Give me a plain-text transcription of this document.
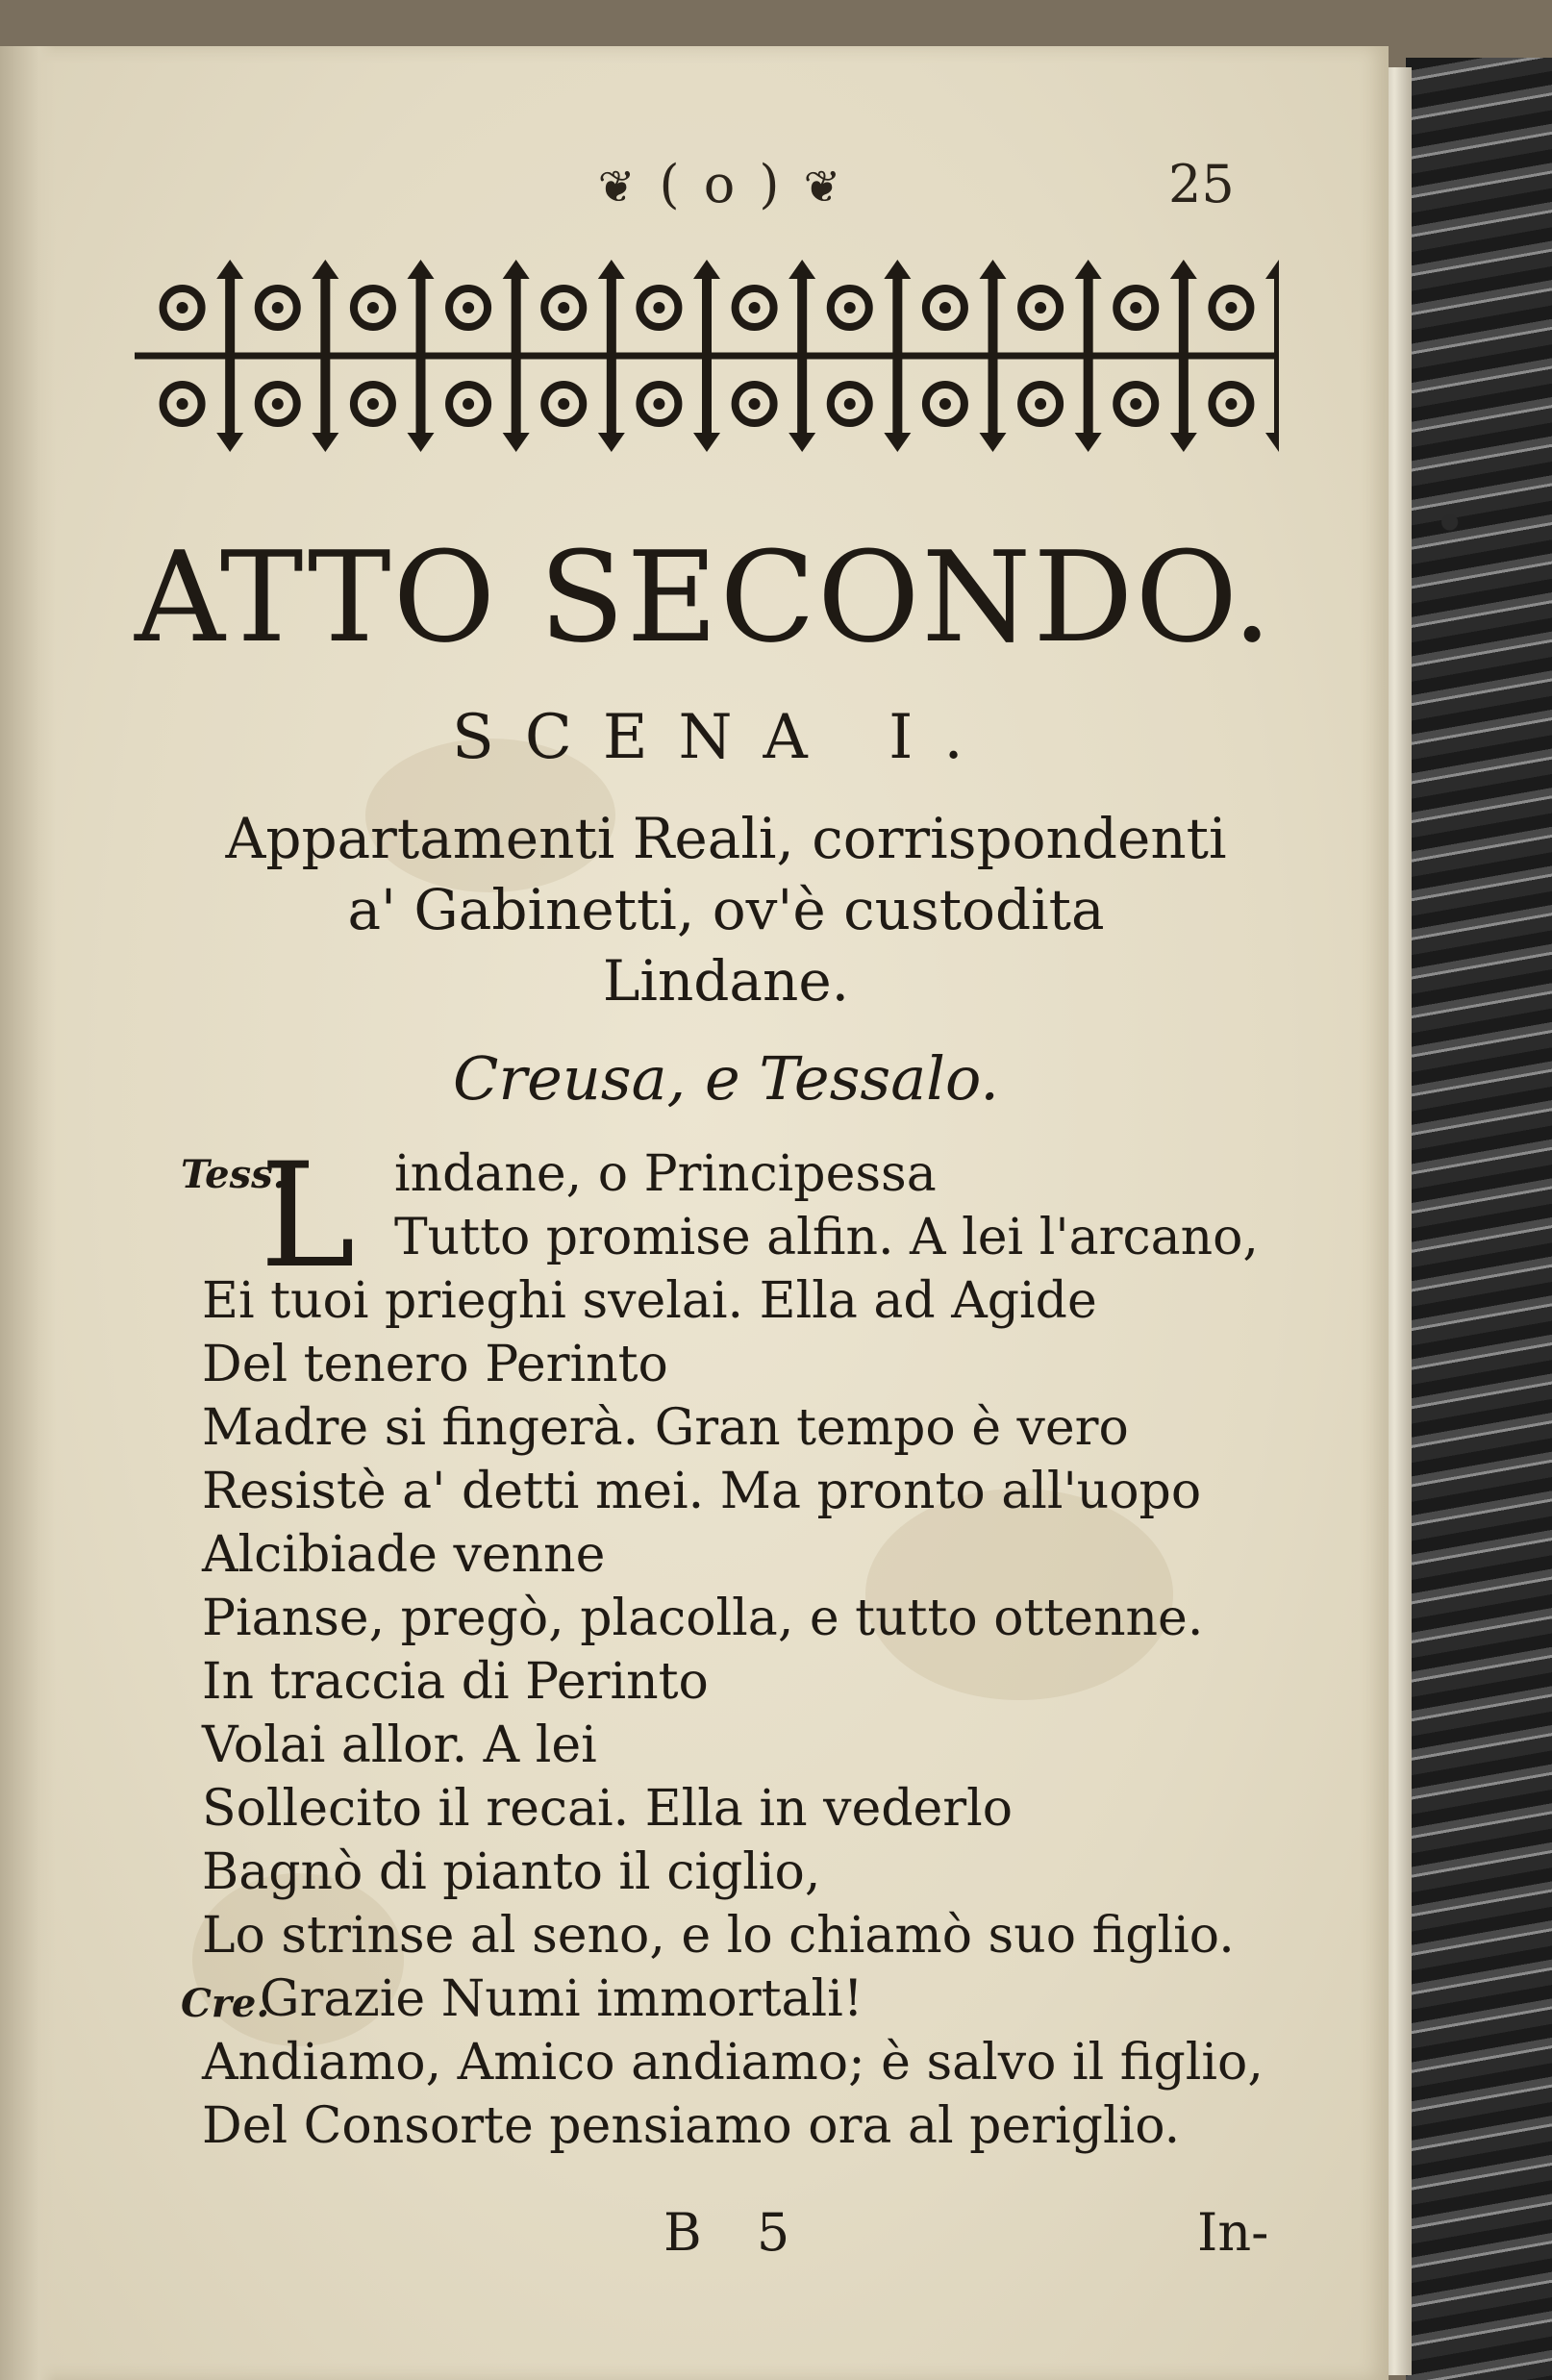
❦ ( o ) ❦	25
ATTO SECONDO.
SCENA I.
Appartamenti Reali, corrispondenti
a' Gabinetti, ov'è custodita
Lindane.
Creusa, e Tessalo.
Tess.
L indane, o Principessa
Tutto promise alfin. A lei l'arcano,
Ei tuoi prieghi svelai. Ella ad Agide
Del tenero Perinto
Madre si fingerà. Gran tempo è vero
Resistè a' detti mei. Ma pronto all'uopo
Alcibiade venne
Pianse, pregò, placolla, e tutto ottenne.
In traccia di Perinto
Volai allor. A lei
Sollecito il recai. Ella in vederlo
Bagnò di pianto il ciglio,
Lo strinse al seno, e lo chiamò suo figlio.
Cre.
Grazie Numi immortali!
Andiamo, Amico andiamo; è salvo il figlio,
Del Consorte pensiamo ora al periglio.
B 5	In-
